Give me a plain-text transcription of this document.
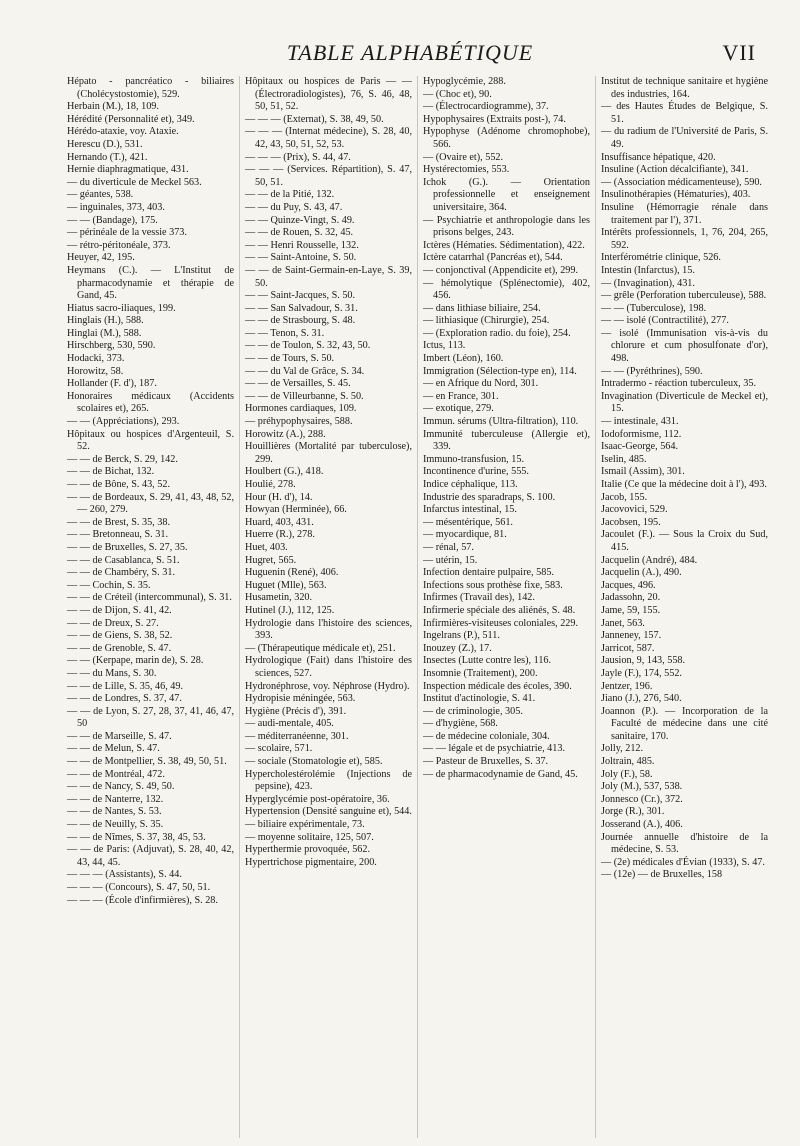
TABLE ALPHABÉTIQUE	VII
Hépato - pancréatico - biliaires (Cholécystostomie), 529.
Herbain (M.), 18, 109.
Hérédité (Personnalité et), 349.
Hérédo-ataxie, voy. Ataxie.
Herescu (D.), 531.
Hernando (T.), 421.
Hernie diaphragmatique, 431.
— du diverticule de Meckel 563.
— géantes, 538.
— inguinales, 373, 403.
— — (Bandage), 175.
— périnéale de la vessie 373.
— rétro-péritonéale, 373.
Heuyer, 42, 195.
Heymans (C.). — L'Institut de pharmacodynamie et thérapie de Gand, 45.
Hiatus sacro-iliaques, 199.
Hinglais (H.), 588.
Hinglai (M.), 588.
Hirschberg, 530, 590.
Hodacki, 373.
Horowitz, 58.
Hollander (F. d'), 187.
Honoraires médicaux (Accidents scolaires et), 265.
— — (Appréciations), 293.
Hôpitaux ou hospices d'Argenteuil, S. 52.
— — de Berck, S. 29, 142.
— — de Bichat, 132.
— — de Bône, S. 43, 52.
— — de Bordeaux, S. 29, 41, 43, 48, 52, — 260, 279.
— — de Brest, S. 35, 38.
— — Bretonneau, S. 31.
— — de Bruxelles, S. 27, 35.
— — de Casablanca, S. 51.
— — de Chambéry, S. 31.
— — Cochin, S. 35.
— — de Créteil (intercommunal), S. 31.
— — de Dijon, S. 41, 42.
— — de Dreux, S. 27.
— — de Giens, S. 38, 52.
— — de Grenoble, S. 47.
— — (Kerpape, marin de), S. 28.
— — du Mans, S. 30.
— — de Lille, S. 35, 46, 49.
— — de Londres, S. 37, 47.
— — de Lyon, S. 27, 28, 37, 41, 46, 47, 50
— — de Marseille, S. 47.
— — de Melun, S. 47.
— — de Montpellier, S. 38, 49, 50, 51.
— — de Montréal, 472.
— — de Nancy, S. 49, 50.
— — de Nanterre, 132.
— — de Nantes, S. 53.
— — de Neuilly, S. 35.
— — de Nîmes, S. 37, 38, 45, 53.
— — de Paris: (Adjuvat), S. 28, 40, 42, 43, 44, 45.
— — — (Assistants), S. 44.
— — — (Concours), S. 47, 50, 51.
— — — (École d'infirmières), S. 28.
Hôpitaux ou hospices de Paris — — (Électroradiologistes), 76, S. 46, 48, 50, 51, 52.
— — — (Externat), S. 38, 49, 50.
— — — (Internat médecine), S. 28, 40, 42, 43, 50, 51, 52, 53.
— — — (Prix), S. 44, 47.
— — — (Services. Répartition), S. 47, 50, 51.
— — de la Pitié, 132.
— — du Puy, S. 43, 47.
— — Quinze-Vingt, S. 49.
— — de Rouen, S. 32, 45.
— — Henri Rousselle, 132.
— — Saint-Antoine, S. 50.
— — de Saint-Germain-en-Laye, S. 39, 50.
— — Saint-Jacques, S. 50.
— — San Salvadour, S. 31.
— — de Strasbourg, S. 48.
— — Tenon, S. 31.
— — de Toulon, S. 32, 43, 50.
— — de Tours, S. 50.
— — du Val de Grâce, S. 34.
— — de Versailles, S. 45.
— — de Villeurbanne, S. 50.
Hormones cardiaques, 109.
— préhypophysaires, 588.
Horowitz (A.), 288.
Houillières (Mortalité par tuberculose), 299.
Houlbert (G.), 418.
Houlié, 278.
Hour (H. d'), 14.
Howyan (Herminée), 66.
Huard, 403, 431.
Huerre (R.), 278.
Huet, 403.
Hugret, 565.
Huguenin (René), 406.
Huguet (Mlle), 563.
Husametin, 320.
Hutinel (J.), 112, 125.
Hydrologie dans l'histoire des sciences, 393.
— (Thérapeutique médicale et), 251.
Hydrologique (Fait) dans l'histoire des sciences, 527.
Hydronéphrose, voy. Néphrose (Hydro).
Hydropisie méningée, 563.
Hygiène (Précis d'), 391.
— audi-mentale, 405.
— méditerranéenne, 301.
— scolaire, 571.
— sociale (Stomatologie et), 585.
Hypercholestérolémie (Injections de pepsine), 423.
Hyperglycémie post-opératoire, 36.
Hypertension (Densité sanguine et), 544.
— biliaire expérimentale, 73.
— moyenne solitaire, 125, 507.
Hyperthermie provoquée, 562.
Hypertrichose pigmentaire, 200.
Hypoglycémie, 288.
— (Choc et), 90.
— (Électrocardiogramme), 37.
Hypophysaires (Extraits post-), 74.
Hypophyse (Adénome chromophobe), 566.
— (Ovaire et), 552.
Hystérectomies, 553.
Ichok (G.). — Orientation professionnelle et enseignement universitaire, 364.
— Psychiatrie et anthropologie dans les prisons belges, 243.
Ictères (Hématies. Sédimentation), 422.
Ictère catarrhal (Pancréas et), 544.
— conjonctival (Appendicite et), 299.
— hémolytique (Splénectomie), 402, 456.
— dans lithiase biliaire, 254.
— lithiasique (Chirurgie), 254.
— (Exploration radio. du foie), 254.
Ictus, 113.
Imbert (Léon), 160.
Immigration (Sélection-type en), 114.
— en Afrique du Nord, 301.
— en France, 301.
— exotique, 279.
Immun. sérums (Ultra-filtration), 110.
Immunité tuberculeuse (Allergie et), 339.
Immuno-transfusion, 15.
Incontinence d'urine, 555.
Indice céphalique, 113.
Industrie des sparadraps, S. 100.
Infarctus intestinal, 15.
— mésentérique, 561.
— myocardique, 81.
— rénal, 57.
— utérin, 15.
Infection dentaire pulpaire, 585.
Infections sous prothèse fixe, 583.
Infirmes (Travail des), 142.
Infirmerie spéciale des aliénés, S. 48.
Infirmières-visiteuses coloniales, 229.
Ingelrans (P.), 511.
Inouzey (Z.), 17.
Insectes (Lutte contre les), 116.
Insomnie (Traitement), 200.
Inspection médicale des écoles, 390.
Institut d'actinologie, S. 41.
— de criminologie, 305.
— d'hygiène, 568.
— de médecine coloniale, 304.
— — légale et de psychiatrie, 413.
— Pasteur de Bruxelles, S. 37.
— de pharmacodynamie de Gand, 45.
Institut de technique sanitaire et hygiène des industries, 164.
— des Hautes Études de Belgique, S. 51.
— du radium de l'Université de Paris, S. 49.
Insuffisance hépatique, 420.
Insuline (Action décalcifiante), 341.
— (Association médicamenteuse), 590.
Insulinothérapies (Hématuries), 403.
Insuline (Hémorragie rénale dans traitement par l'), 371.
Intérêts professionnels, 1, 76, 204, 265, 592.
Interférométrie clinique, 526.
Intestin (Infarctus), 15.
— (Invagination), 431.
— grêle (Perforation tuberculeuse), 588.
— — (Tuberculose), 198.
— — isolé (Contractilité), 277.
— isolé (Immunisation vis-à-vis du chlorure et cum phosulfonate d'or), 498.
— — (Pyréthrines), 590.
Intradermo - réaction tuberculeux, 35.
Invagination (Diverticule de Meckel et), 15.
— intestinale, 431.
Iodoformisme, 112.
Isaac-George, 564.
Iselin, 485.
Ismail (Assim), 301.
Italie (Ce que la médecine doit à l'), 493.
Jacob, 155.
Jacovovici, 529.
Jacobsen, 195.
Jacoulet (F.). — Sous la Croix du Sud, 415.
Jacquelin (André), 484.
Jacquelin (A.), 490.
Jacques, 496.
Jadassohn, 20.
Jame, 59, 155.
Janet, 563.
Janneney, 157.
Jarricot, 587.
Jausion, 9, 143, 558.
Jayle (F.), 174, 552.
Jentzer, 196.
Jiano (J.), 276, 540.
Joannon (P.). — Incorporation de la Faculté de médecine dans une cité sanitaire, 170.
Jolly, 212.
Joltrain, 485.
Joly (F.), 58.
Joly (M.), 537, 538.
Jonnesco (Cr.), 372.
Jorge (R.), 301.
Josserand (A.), 406.
Journée annuelle d'histoire de la médecine, S. 53.
— (2e) médicales d'Évian (1933), S. 47.
— (12e) — de Bruxelles, 158
